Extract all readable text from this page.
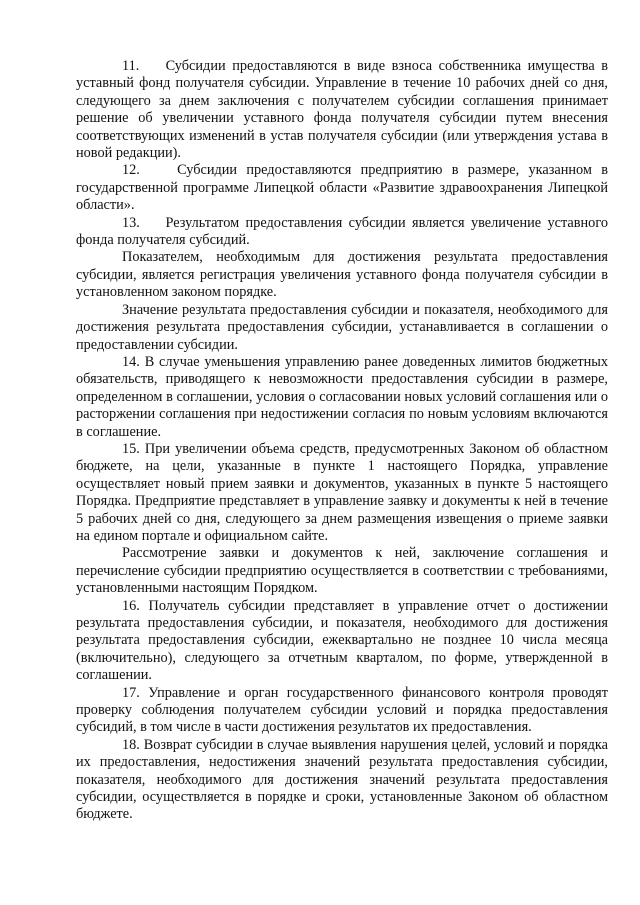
11.    Субсидии предоставляются в виде взноса собственника имущества в уставный фонд получателя субсидии. Управление в течение 10 рабочих дней со дня, следующего за днем заключения с получателем субсидии соглашения принимает решение об увеличении уставного фонда получателя субсидии путем внесения соответствующих изменений в устав получателя субсидии (или утверждения устава в новой редакции).

12.    Субсидии предоставляются предприятию в размере, указанном в государственной программе Липецкой области «Развитие здравоохранения Липецкой области».

13.    Результатом предоставления субсидии является увеличение уставного фонда получателя субсидий.

Показателем, необходимым для достижения результата предоставления субсидии, является регистрация увеличения уставного фонда получателя субсидии в установленном законом порядке.

Значение результата предоставления субсидии и показателя, необходимого для достижения результата предоставления субсидии, устанавливается в соглашении о предоставлении субсидии.

14. В случае уменьшения управлению ранее доведенных лимитов бюджетных обязательств, приводящего к невозможности предоставления субсидии в размере, определенном в соглашении, условия о согласовании новых условий соглашения или о расторжении соглашения при недостижении согласия по новым условиям включаются в соглашение.

15. При увеличении объема средств, предусмотренных Законом об областном бюджете, на цели, указанные в пункте 1 настоящего Порядка, управление осуществляет новый прием заявки и документов, указанных в пункте 5 настоящего Порядка. Предприятие представляет в управление заявку и документы к ней в течение 5 рабочих дней со дня, следующего за днем размещения извещения о приеме заявки на едином портале и официальном сайте.

Рассмотрение заявки и документов к ней, заключение соглашения и перечисление субсидии предприятию осуществляется в соответствии с требованиями, установленными настоящим Порядком.

16. Получатель субсидии представляет в управление отчет о достижении результата предоставления субсидии, и показателя, необходимого для достижения результата предоставления субсидии, ежеквартально не позднее 10 числа месяца (включительно), следующего за отчетным кварталом, по форме, утвержденной в соглашении.

17. Управление и орган государственного финансового контроля проводят проверку соблюдения получателем субсидии условий и порядка предоставления субсидий, в том числе в части достижения результатов их предоставления.

18. Возврат субсидии в случае выявления нарушения целей, условий и порядка их предоставления, недостижения значений результата предоставления субсидии, показателя, необходимого для достижения значений результата предоставления субсидии, осуществляется в порядке и сроки, установленные Законом об областном бюджете.
